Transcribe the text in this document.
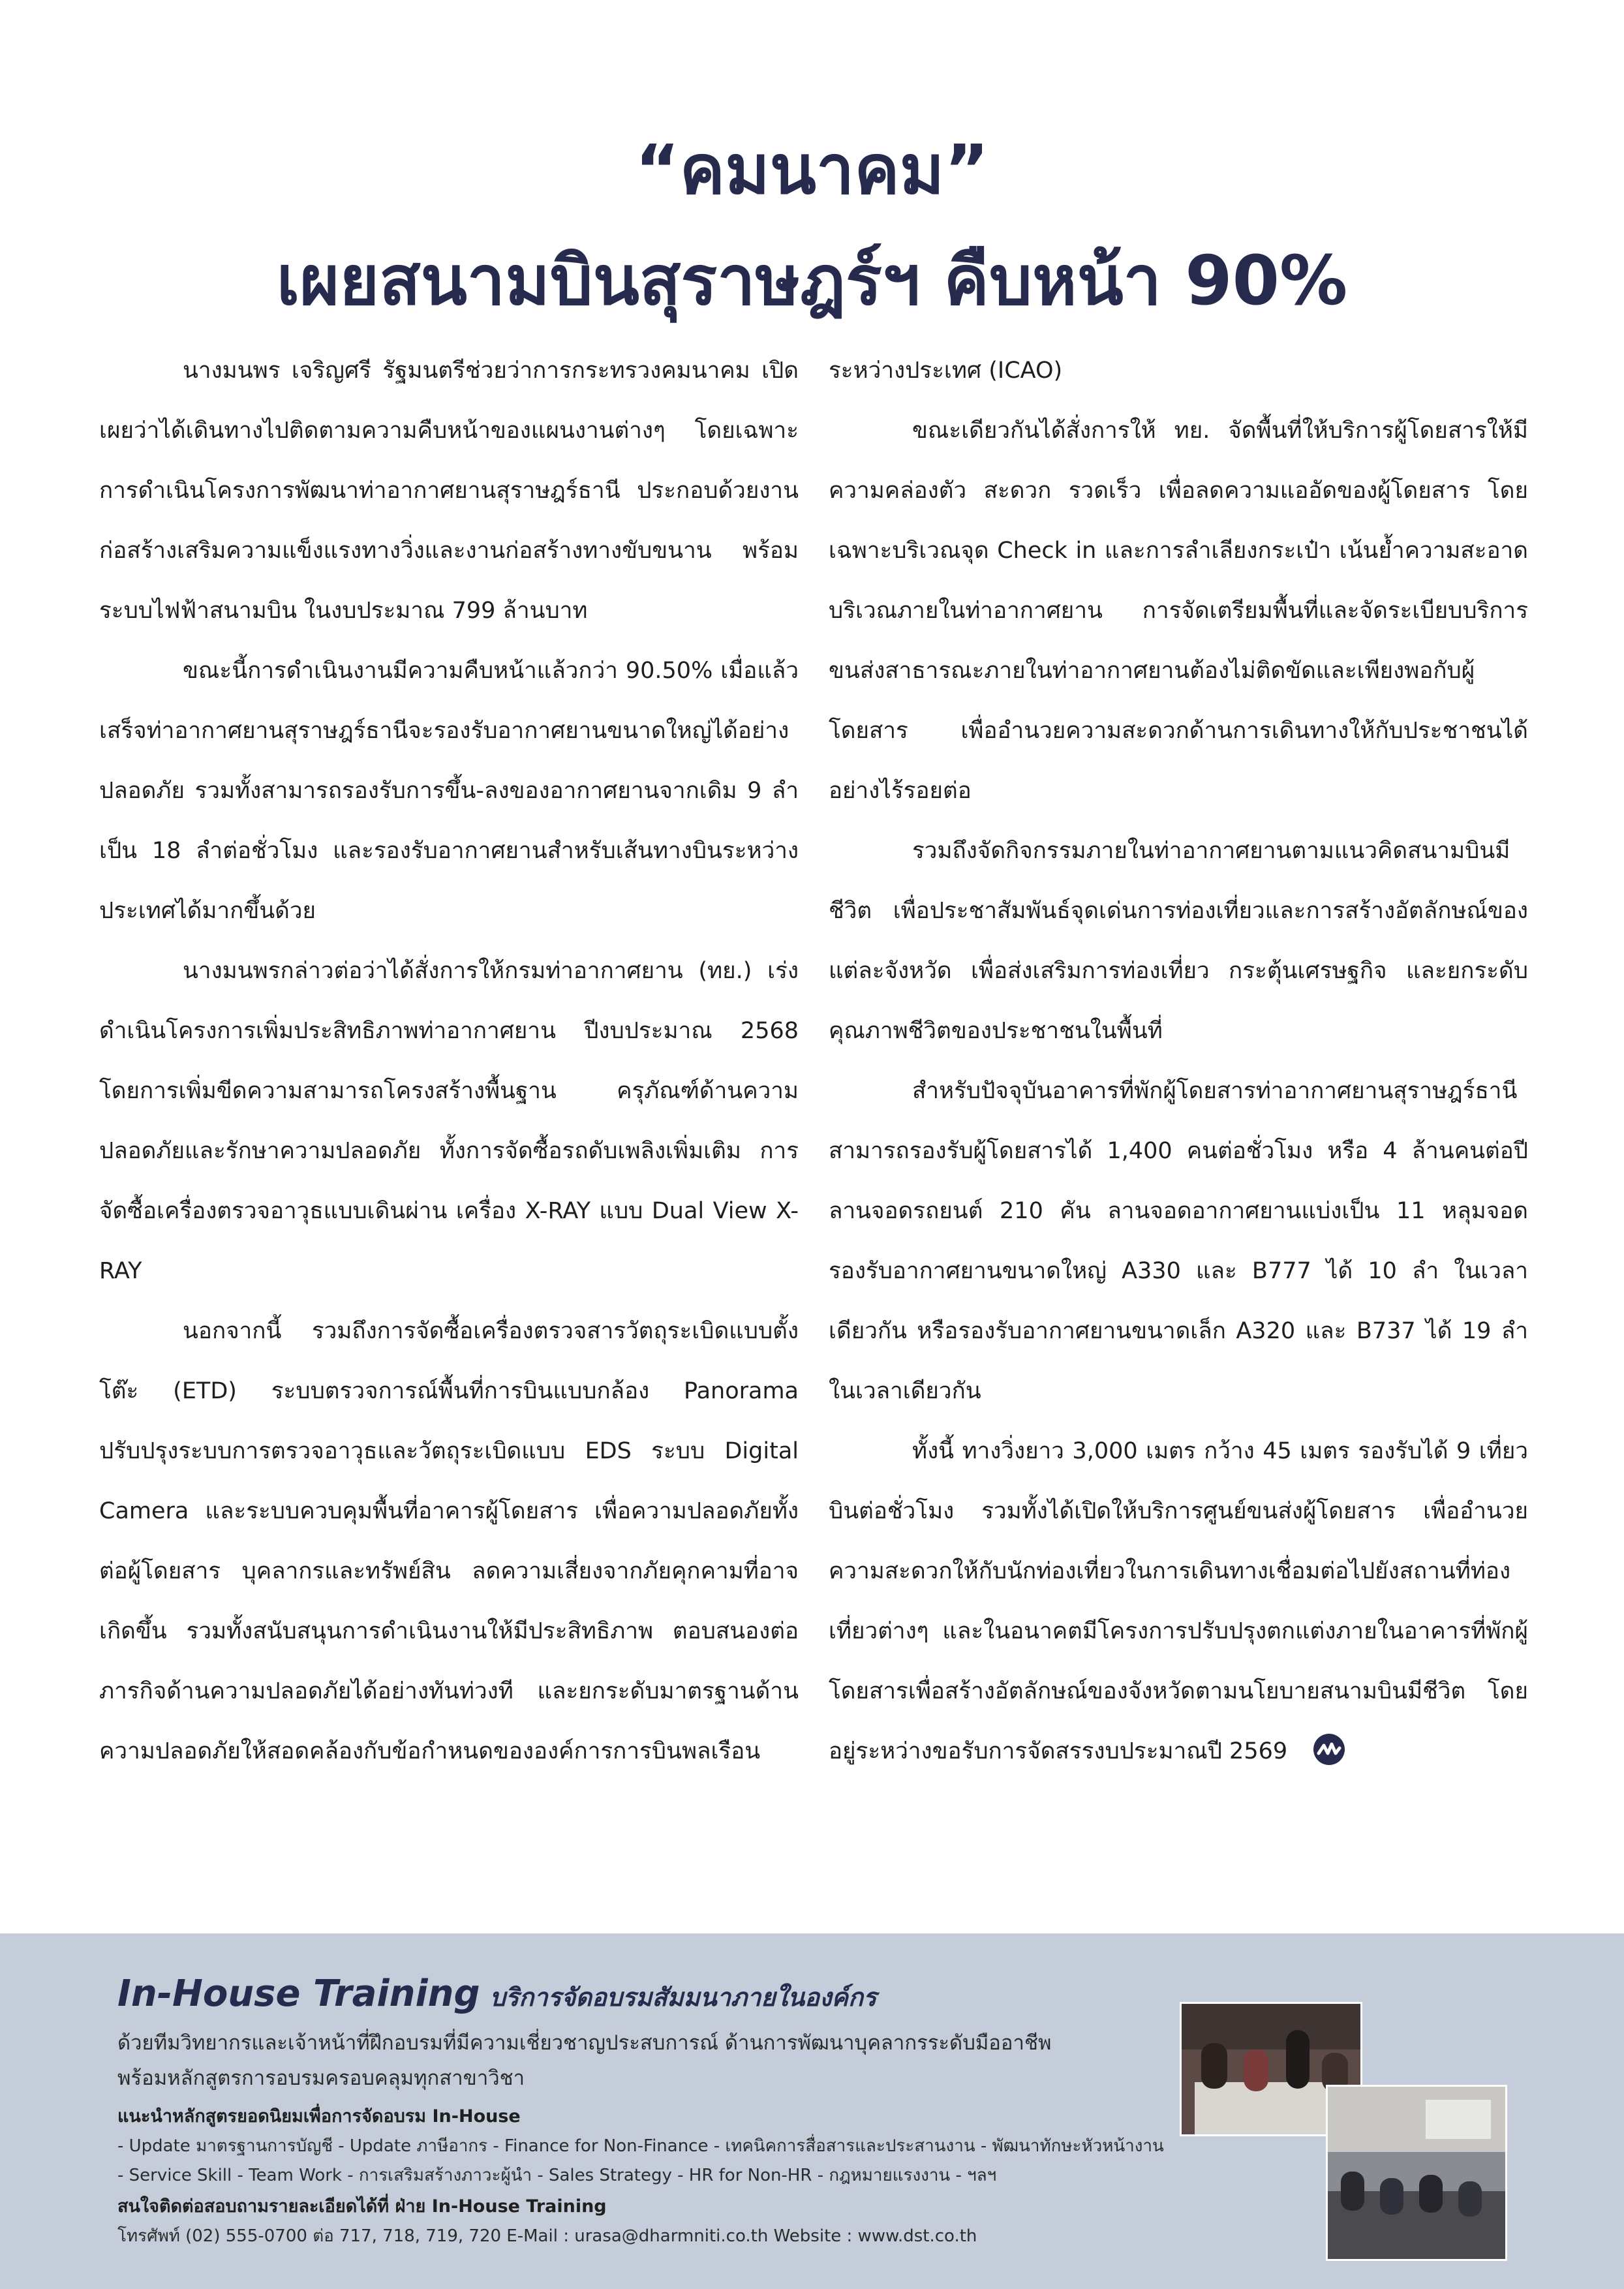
“คมนาคม”
เผยสนามบินสุราษฎร์ฯ คืบหน้า 90%

นางมนพร เจริญศรี รัฐมนตรีช่วยว่าการกระทรวงคมนาคม เปิดเผยว่าได้เดินทางไปติดตามความคืบหน้าของแผนงานต่างๆ โดยเฉพาะการดำเนินโครงการพัฒนาท่าอากาศยานสุราษฎร์ธานี ประกอบด้วยงานก่อสร้างเสริมความแข็งแรงทางวิ่งและงานก่อสร้างทางขับขนาน พร้อมระบบไฟฟ้าสนามบิน ในงบประมาณ 799 ล้านบาท

ขณะนี้การดำเนินงานมีความคืบหน้าแล้วกว่า 90.50% เมื่อแล้วเสร็จท่าอากาศยานสุราษฎร์ธานีจะรองรับอากาศยานขนาดใหญ่ได้อย่างปลอดภัย รวมทั้งสามารถรองรับการขึ้น-ลงของอากาศยานจากเดิม 9 ลำ เป็น 18 ลำต่อชั่วโมง และรองรับอากาศยานสำหรับเส้นทางบินระหว่างประเทศได้มากขึ้นด้วย

นางมนพรกล่าวต่อว่าได้สั่งการให้กรมท่าอากาศยาน (ทย.) เร่งดำเนินโครงการเพิ่มประสิทธิภาพท่าอากาศยาน ปีงบประมาณ 2568 โดยการเพิ่มขีดความสามารถโครงสร้างพื้นฐาน ครุภัณฑ์ด้านความปลอดภัยและรักษาความปลอดภัย ทั้งการจัดซื้อรถดับเพลิงเพิ่มเติม การจัดซื้อเครื่องตรวจอาวุธแบบเดินผ่าน เครื่อง X-RAY แบบ Dual View X-RAY

นอกจากนี้ รวมถึงการจัดซื้อเครื่องตรวจสารวัตถุระเบิดแบบตั้งโต๊ะ (ETD) ระบบตรวจการณ์พื้นที่การบินแบบกล้อง Panorama ปรับปรุงระบบการตรวจอาวุธและวัตถุระเบิดแบบ EDS ระบบ Digital Camera และระบบควบคุมพื้นที่อาคารผู้โดยสาร เพื่อความปลอดภัยทั้งต่อผู้โดยสาร บุคลากรและทรัพย์สิน ลดความเสี่ยงจากภัยคุกคามที่อาจเกิดขึ้น รวมทั้งสนับสนุนการดำเนินงานให้มีประสิทธิภาพ ตอบสนองต่อภารกิจด้านความปลอดภัยได้อย่างทันท่วงที และยกระดับมาตรฐานด้านความปลอดภัยให้สอดคล้องกับข้อกำหนดขององค์การการบินพลเรือน

ระหว่างประเทศ (ICAO)

ขณะเดียวกันได้สั่งการให้ ทย. จัดพื้นที่ให้บริการผู้โดยสารให้มีความคล่องตัว สะดวก รวดเร็ว เพื่อลดความแออัดของผู้โดยสาร โดยเฉพาะบริเวณจุด Check in และการลำเลียงกระเป๋า เน้นย้ำความสะอาดบริเวณภายในท่าอากาศยาน การจัดเตรียมพื้นที่และจัดระเบียบบริการขนส่งสาธารณะภายในท่าอากาศยานต้องไม่ติดขัดและเพียงพอกับผู้โดยสาร เพื่ออำนวยความสะดวกด้านการเดินทางให้กับประชาชนได้อย่างไร้รอยต่อ

รวมถึงจัดกิจกรรมภายในท่าอากาศยานตามแนวคิดสนามบินมีชีวิต เพื่อประชาสัมพันธ์จุดเด่นการท่องเที่ยวและการสร้างอัตลักษณ์ของแต่ละจังหวัด เพื่อส่งเสริมการท่องเที่ยว กระตุ้นเศรษฐกิจ และยกระดับคุณภาพชีวิตของประชาชนในพื้นที่

สำหรับปัจจุบันอาคารที่พักผู้โดยสารท่าอากาศยานสุราษฎร์ธานีสามารถรองรับผู้โดยสารได้ 1,400 คนต่อชั่วโมง หรือ 4 ล้านคนต่อปี ลานจอดรถยนต์ 210 คัน ลานจอดอากาศยานแบ่งเป็น 11 หลุมจอด รองรับอากาศยานขนาดใหญ่ A330 และ B777 ได้ 10 ลำ ในเวลาเดียวกัน หรือรองรับอากาศยานขนาดเล็ก A320 และ B737 ได้ 19 ลำ ในเวลาเดียวกัน

ทั้งนี้ ทางวิ่งยาว 3,000 เมตร กว้าง 45 เมตร รองรับได้ 9 เที่ยวบินต่อชั่วโมง รวมทั้งได้เปิดให้บริการศูนย์ขนส่งผู้โดยสาร เพื่ออำนวยความสะดวกให้กับนักท่องเที่ยวในการเดินทางเชื่อมต่อไปยังสถานที่ท่องเที่ยวต่างๆ และในอนาคตมีโครงการปรับปรุงตกแต่งภายในอาคารที่พักผู้โดยสารเพื่อสร้างอัตลักษณ์ของจังหวัดตามนโยบายสนามบินมีชีวิต โดยอยู่ระหว่างขอรับการจัดสรรงบประมาณปี 2569

In-House Training บริการจัดอบรมสัมมนาภายในองค์กร
ด้วยทีมวิทยากรและเจ้าหน้าที่ฝึกอบรมที่มีความเชี่ยวชาญประสบการณ์ ด้านการพัฒนาบุคลากรระดับมืออาชีพ
พร้อมหลักสูตรการอบรมครอบคลุมทุกสาขาวิชา
แนะนำหลักสูตรยอดนิยมเพื่อการจัดอบรม In-House
- Update มาตรฐานการบัญชี - Update ภาษีอากร - Finance for Non-Finance - เทคนิคการสื่อสารและประสานงาน - พัฒนาทักษะหัวหน้างาน
- Service Skill - Team Work - การเสริมสร้างภาวะผู้นำ - Sales Strategy - HR for Non-HR - กฎหมายแรงงาน - ฯลฯ
สนใจติดต่อสอบถามรายละเอียดได้ที่ ฝ่าย In-House Training
โทรศัพท์ (02) 555-0700 ต่อ 717, 718, 719, 720 E-Mail : urasa@dharmniti.co.th Website : www.dst.co.th
